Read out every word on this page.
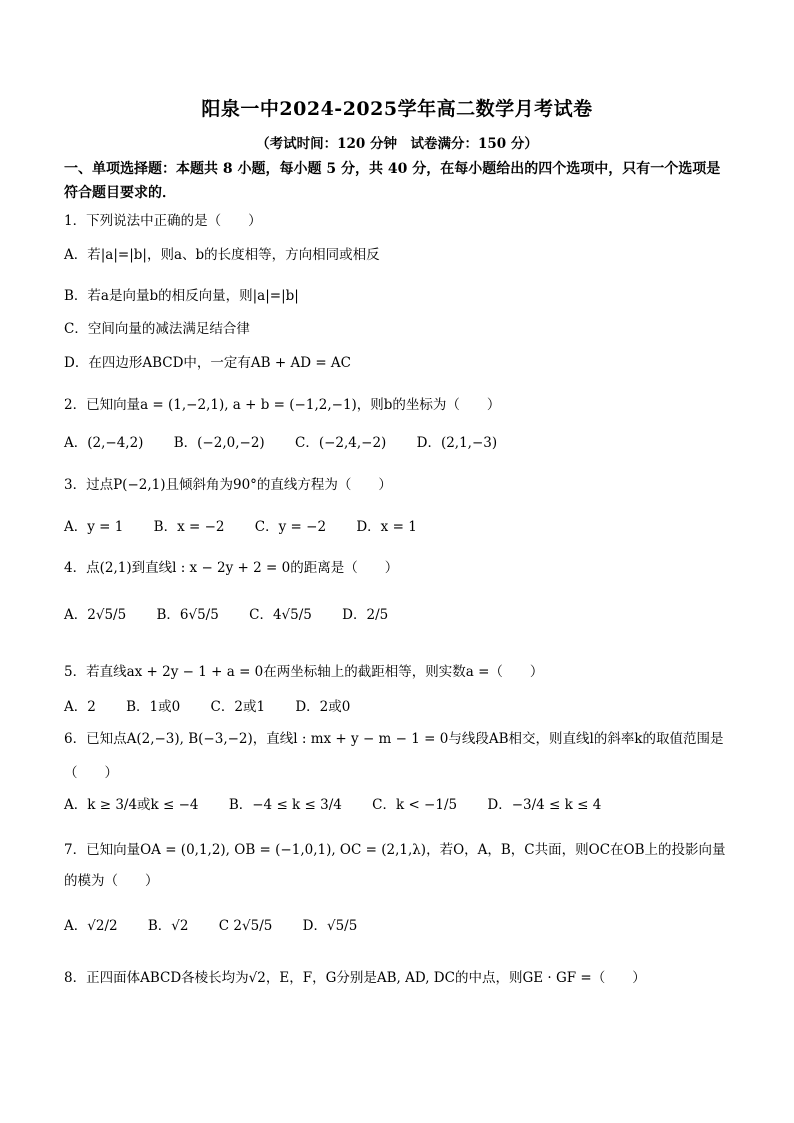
阳泉一中2024-2025学年高二数学月考试卷
（考试时间：120 分钟　试卷满分：150 分）
一、单项选择题：本题共 8 小题，每小题 5 分，共 40 分，在每小题给出的四个选项中，只有一个选项是符合题目要求的．
1．下列说法中正确的是（　　）
A．若|a|=|b|，则a、b的长度相等，方向相同或相反
B．若a是向量b的相反向量，则|a|=|b|
C．空间向量的减法满足结合律
D．在四边形ABCD中，一定有AB + AD = AC
2．已知向量a = (1,−2,1), a + b = (−1,2,−1)，则b的坐标为（　　）
A．(2,−4,2) B．(−2,0,−2) C．(−2,4,−2) D．(2,1,−3)
3．过点P(−2,1)且倾斜角为90°的直线方程为（　　）
A．y = 1 B．x = −2 C．y = −2 D．x = 1
4．点(2,1)到直线l : x − 2y + 2 = 0的距离是（　　）
A．2√5/5 B．6√5/5 C．4√5/5 D．2/5
5．若直线ax + 2y − 1 + a = 0在两坐标轴上的截距相等，则实数a =（　　）
A．2 B．1或0 C．2或1 D．2或0
6．已知点A(2,−3), B(−3,−2)，直线l : mx + y − m − 1 = 0与线段AB相交，则直线l的斜率k的取值范围是
（　　）
A．k ≥ 3/4或k ≤ −4 B．−4 ≤ k ≤ 3/4 C．k < −1/5 D．−3/4 ≤ k ≤ 4
7．已知向量OA = (0,1,2), OB = (−1,0,1), OC = (2,1,λ)，若O，A，B，C共面，则OC在OB上的投影向量
的模为（　　）
A．√2/2 B．√2 C 2√5/5 D．√5/5
8．正四面体ABCD各棱长均为√2，E，F，G分别是AB, AD, DC的中点，则GE · GF =（　　）
